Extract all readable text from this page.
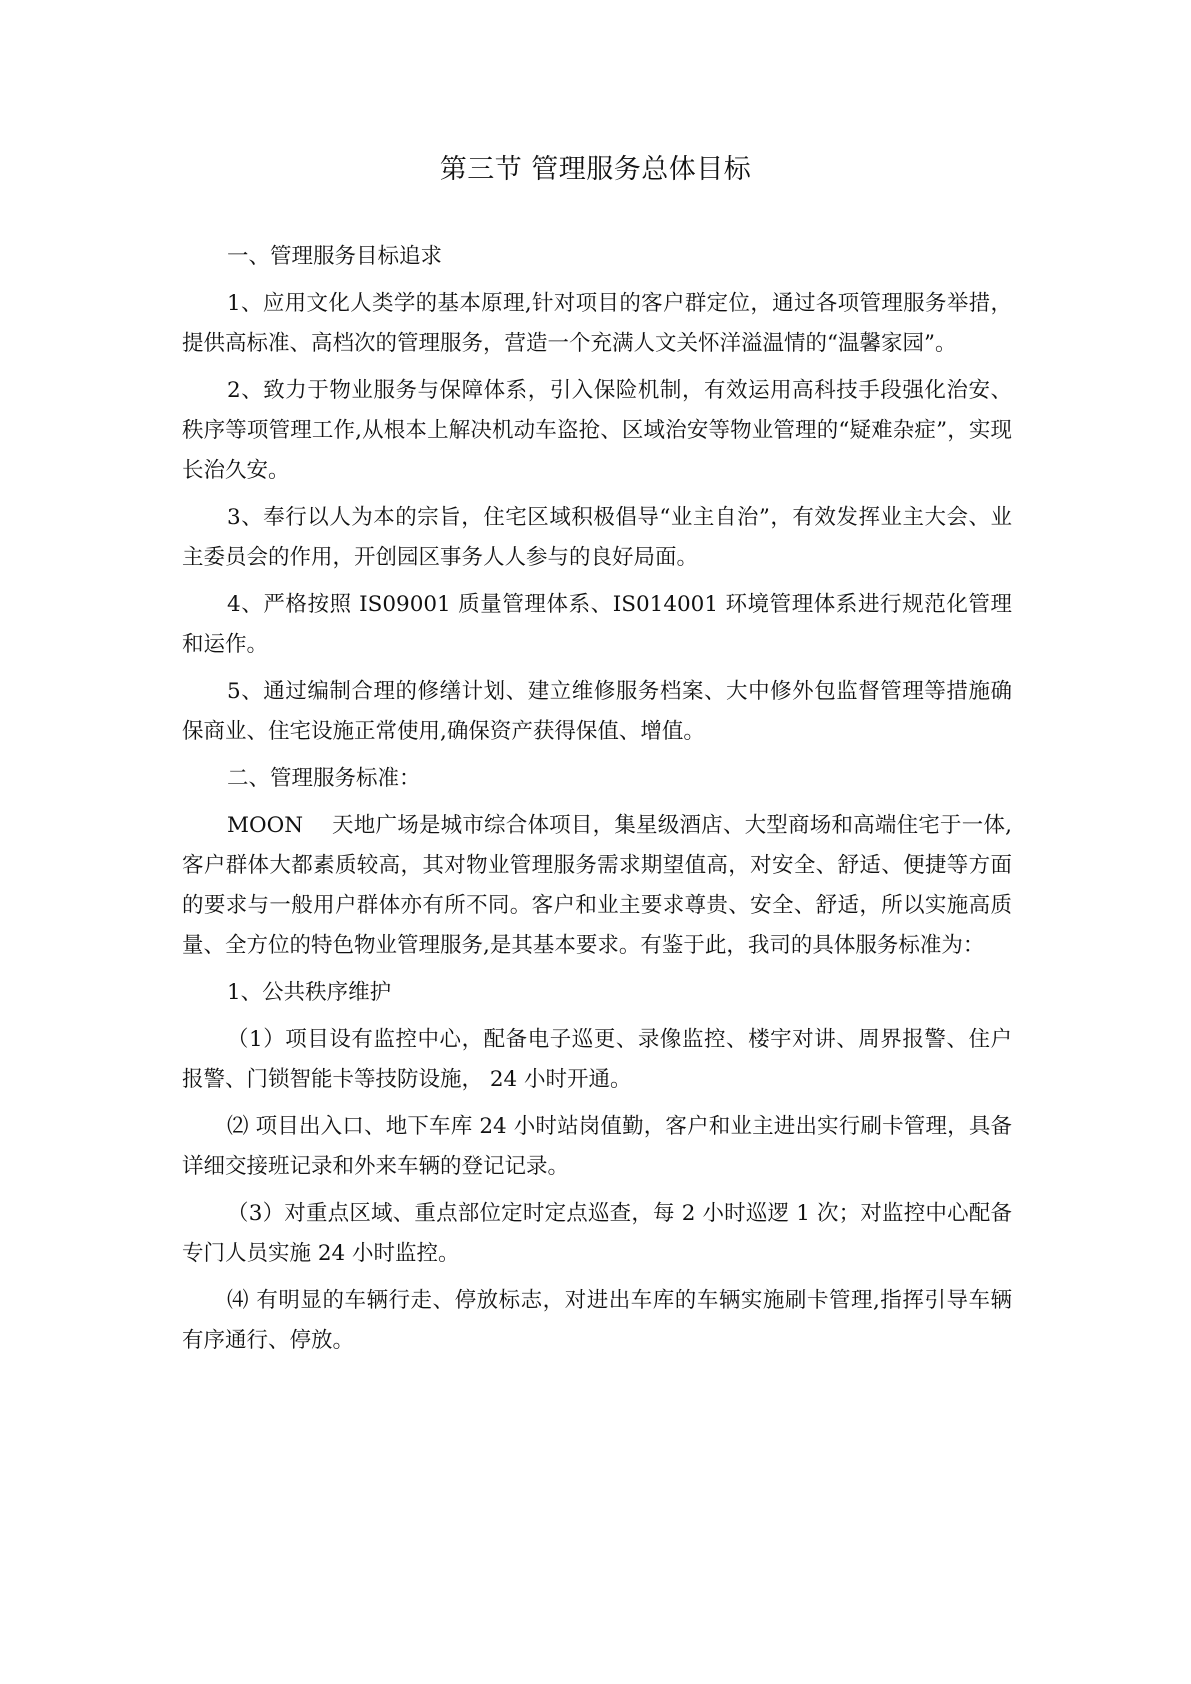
第三节 管理服务总体目标

一、管理服务目标追求

1、应用文化人类学的基本原理,针对项目的客户群定位，通过各项管理服务举措，提供高标准、高档次的管理服务，营造一个充满人文关怀洋溢温情的“温馨家园”。

2、致力于物业服务与保障体系，引入保险机制，有效运用高科技手段强化治安、秩序等项管理工作,从根本上解决机动车盗抢、区域治安等物业管理的“疑难杂症”，实现长治久安。

3、奉行以人为本的宗旨，住宅区域积极倡导“业主自治”，有效发挥业主大会、业主委员会的作用，开创园区事务人人参与的良好局面。

4、严格按照 IS09001 质量管理体系、IS014001 环境管理体系进行规范化管理和运作。

5、通过编制合理的修缮计划、建立维修服务档案、大中修外包监督管理等措施确保商业、住宅设施正常使用,确保资产获得保值、增值。

二、管理服务标准：

MOON　 天地广场是城市综合体项目，集星级酒店、大型商场和高端住宅于一体,客户群体大都素质较高，其对物业管理服务需求期望值高，对安全、舒适、便捷等方面的要求与一般用户群体亦有所不同。客户和业主要求尊贵、安全、舒适，所以实施高质量、全方位的特色物业管理服务,是其基本要求。有鉴于此，我司的具体服务标准为：

1、公共秩序维护

（1）项目设有监控中心，配备电子巡更、录像监控、楼宇对讲、周界报警、住户报警、门锁智能卡等技防设施， 24 小时开通。

⑵ 项目出入口、地下车库 24 小时站岗值勤，客户和业主进出实行刷卡管理，具备详细交接班记录和外来车辆的登记记录。

（3）对重点区域、重点部位定时定点巡查，每 2 小时巡逻 1 次；对监控中心配备专门人员实施 24 小时监控。

⑷ 有明显的车辆行走、停放标志，对进出车库的车辆实施刷卡管理,指挥引导车辆有序通行、停放。
